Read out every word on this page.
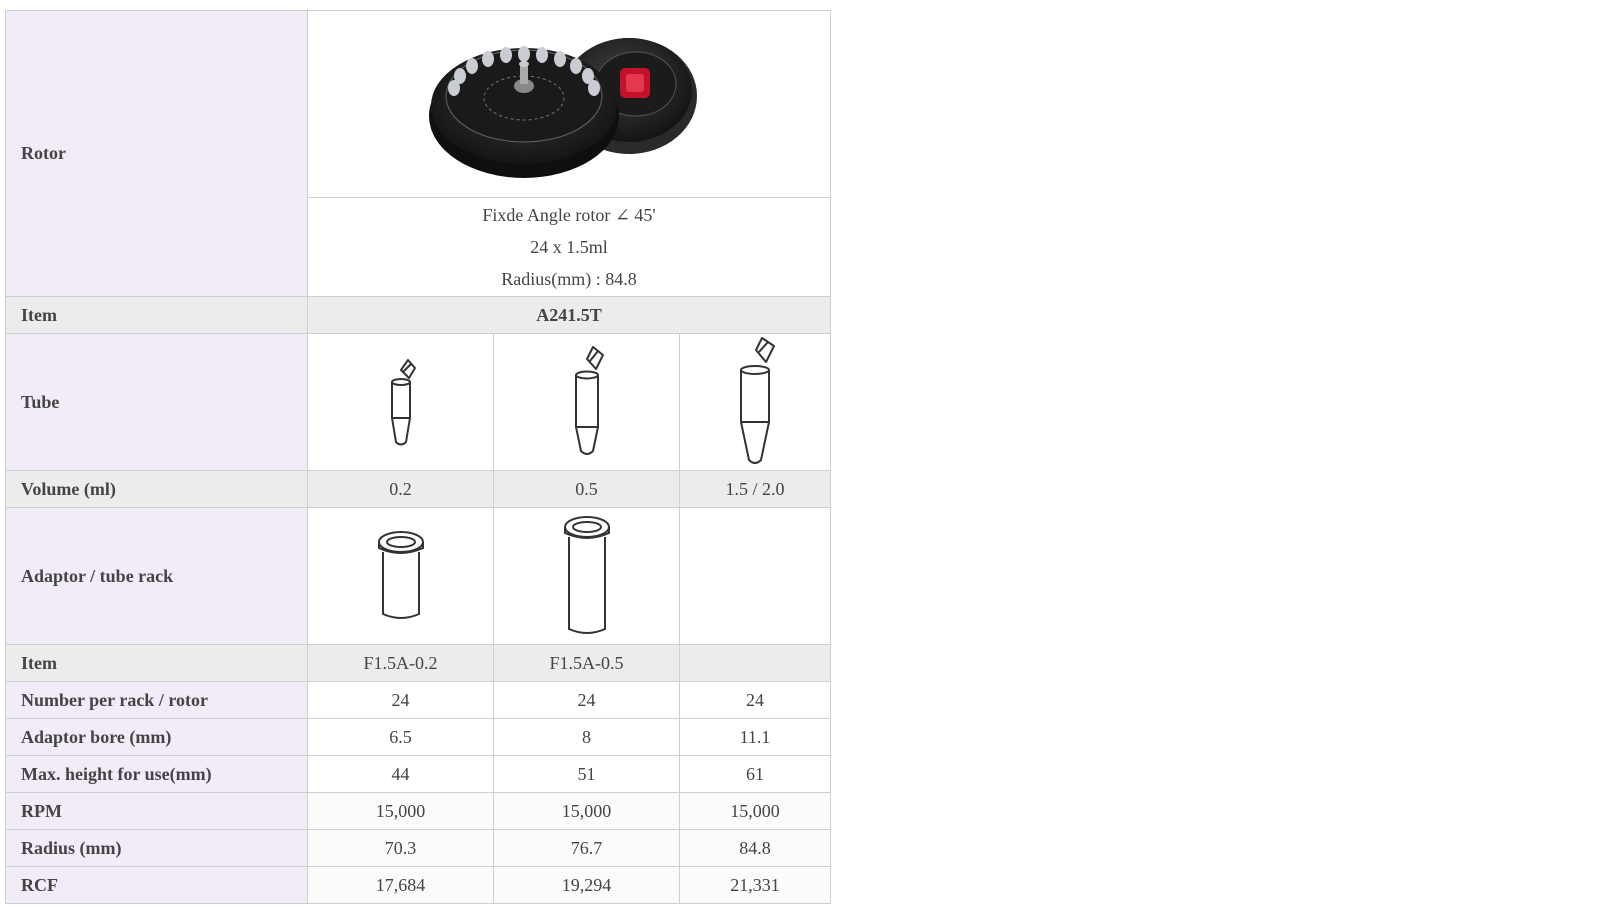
Rotor	

	Fixde Angle rotor ∠ 45'
24 x 1.5ml
Radius(mm) : 84.8		

Item	A241.5T		
Tube	

Volume (ml)	0.2	0.5	1.5 / 2.0
Adaptor / tube rack	

Item	F1.5A-0.2	F1.5A-0.5	
Number per rack / rotor	24	24	24
Adaptor bore (mm)	6.5	8	11.1
Max. height for use(mm)	44	51	61
RPM	15,000	15,000	15,000
Radius (mm)	70.3	76.7	84.8
RCF	17,684	19,294	21,331
